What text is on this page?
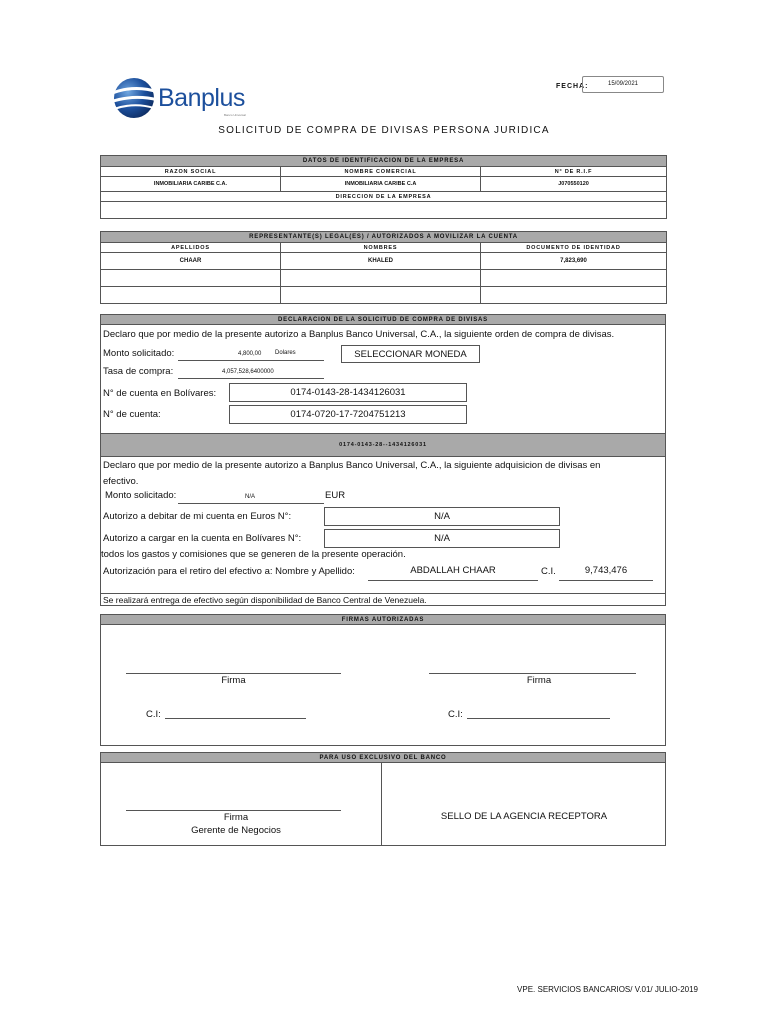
Banplus
Banco Universal
FECHA:	15/09/2021
SOLICITUD DE COMPRA DE DIVISAS PERSONA JURIDICA
DATOS DE IDENTIFICACION DE LA EMPRESA		
RAZON SOCIAL	NOMBRE COMERCIAL	N° DE R.I.F
INMOBILIARIA CARIBE C.A.	INMOBILIARIA CARIBE C.A	J070550120
DIRECCION DE LA EMPRESA		

REPRESENTANTE(S) LEGAL(ES) / AUTORIZADOS A MOVILIZAR LA CUENTA		
APELLIDOS	NOMBRES	DOCUMENTO DE IDENTIDAD
CHAAR	KHALED	7,823,690

DECLARACION DE LA SOLICITUD DE COMPRA DE DIVISAS
Declaro que por medio de la presente autorizo a Banplus Banco Universal, C.A., la siguiente orden de compra de divisas.
Monto solicitado:	4,800,00 Dolares	SELECCIONAR MONEDA
Tasa de compra:	4,057,528,6400000
N° de cuenta en Bolívares:	0174-0143-28-1434126031
N° de cuenta:	0174-0720-17-7204751213
0174-0143-28--1434126031
Declaro que por medio de la presente autorizo a Banplus Banco Universal, C.A., la siguiente adquisicion de divisas en
efectivo.
Monto solicitado:	N/A	EUR
Autorizo a debitar de mi cuenta en Euros N°:	N/A
Autorizo a cargar en la cuenta en Bolívares N°:	N/A
todos los gastos y comisiones que se generen de la presente operación.
Autorización para el retiro del efectivo a: Nombre y Apellido:	ABDALLAH CHAAR	C.I.	9,743,476
Se realizará entrega de efectivo según disponibilidad de Banco Central de Venezuela.
FIRMAS AUTORIZADAS
Firma
C.I:
Firma
C.I:
PARA USO EXCLUSIVO DEL BANCO
Firma
Gerente de Negocios
SELLO DE LA AGENCIA RECEPTORA
VPE. SERVICIOS BANCARIOS/ V.01/ JULIO-2019
